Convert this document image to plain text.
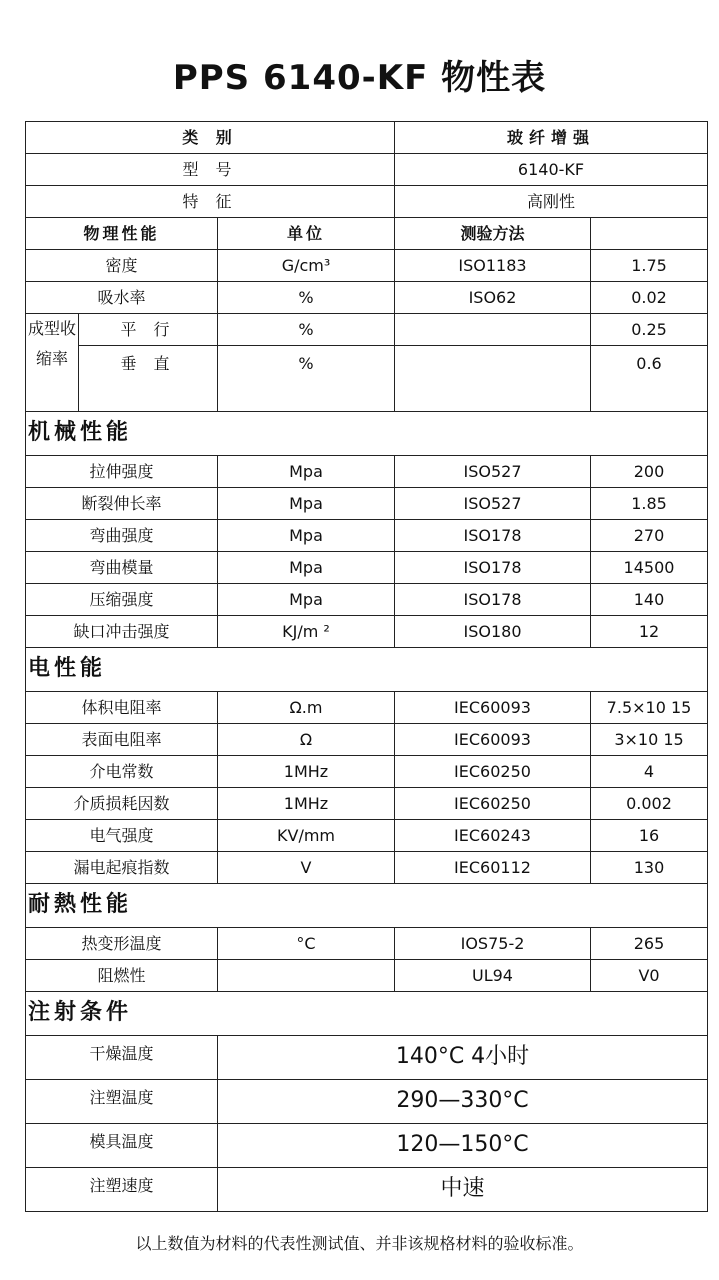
PPS 6140-KF 物性表
类 别			玻纤增强	
型 号			6140-KF	
特 征			高刚性	
物理性能		单位	测验方法	
密度		G/cm³	ISO1183	1.75
吸水率		%	ISO62	0.02
成型收缩率	平 行	%		0.25
	垂 直	%		0.6
机械性能				
拉伸强度		Mpa	ISO527	200
断裂伸长率		Mpa	ISO527	1.85
弯曲强度		Mpa	ISO178	270
弯曲模量		Mpa	ISO178	14500
压缩强度		Mpa	ISO178	140
缺口冲击强度		KJ/m ²	ISO180	12
电性能				
体积电阻率		Ω.m	IEC60093	7.5×10 15
表面电阻率		Ω	IEC60093	3×10 15
介电常数		1MHz	IEC60250	4
介质损耗因数		1MHz	IEC60250	0.002
电气强度		KV/mm	IEC60243	16
漏电起痕指数		V	IEC60112	130
耐熱性能				
热变形温度		°C	IOS75-2	265
阻燃性			UL94	V0
注射条件				
干燥温度		140°C 4小时		
注塑温度		290—330°C		
模具温度		120—150°C		
注塑速度		中速		
以上数值为材料的代表性测试值、并非该规格材料的验收标准。
